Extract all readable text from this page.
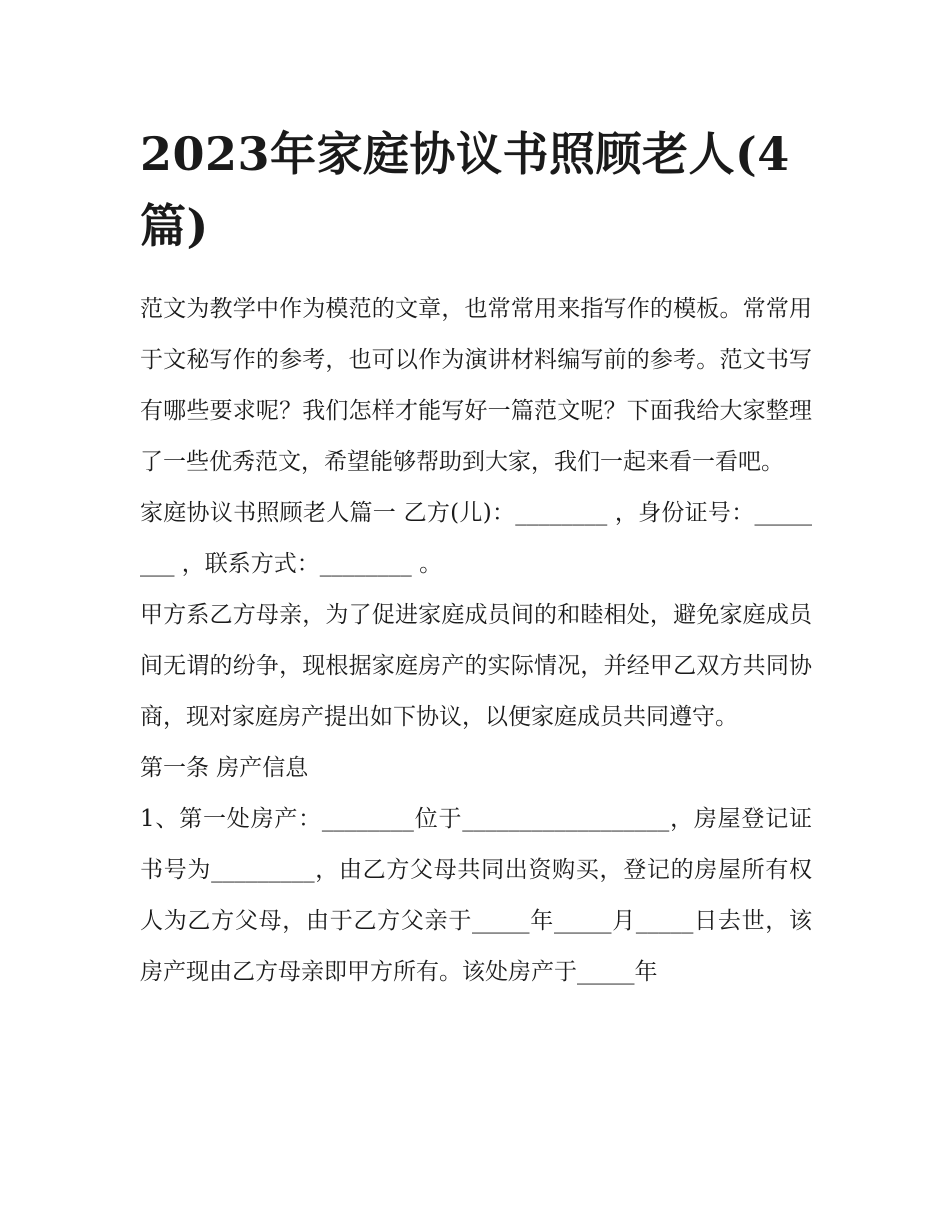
2023年家庭协议书照顾老人(4篇)

范文为教学中作为模范的文章，也常常用来指写作的模板。常常用于文秘写作的参考，也可以作为演讲材料编写前的参考。范文书写有哪些要求呢？我们怎样才能写好一篇范文呢？下面我给大家整理了一些优秀范文，希望能够帮助到大家，我们一起来看一看吧。

家庭协议书照顾老人篇一 乙方(儿)：________ ，身份证号：________ ，联系方式：________ 。

甲方系乙方母亲，为了促进家庭成员间的和睦相处，避免家庭成员间无谓的纷争，现根据家庭房产的实际情况，并经甲乙双方共同协商，现对家庭房产提出如下协议，以便家庭成员共同遵守。

第一条 房产信息

1、第一处房产：________位于__________________，房屋登记证书号为_________，由乙方父母共同出资购买，登记的房屋所有权人为乙方父母，由于乙方父亲于_____年_____月_____日去世，该房产现由乙方母亲即甲方所有。该处房产于_____年
